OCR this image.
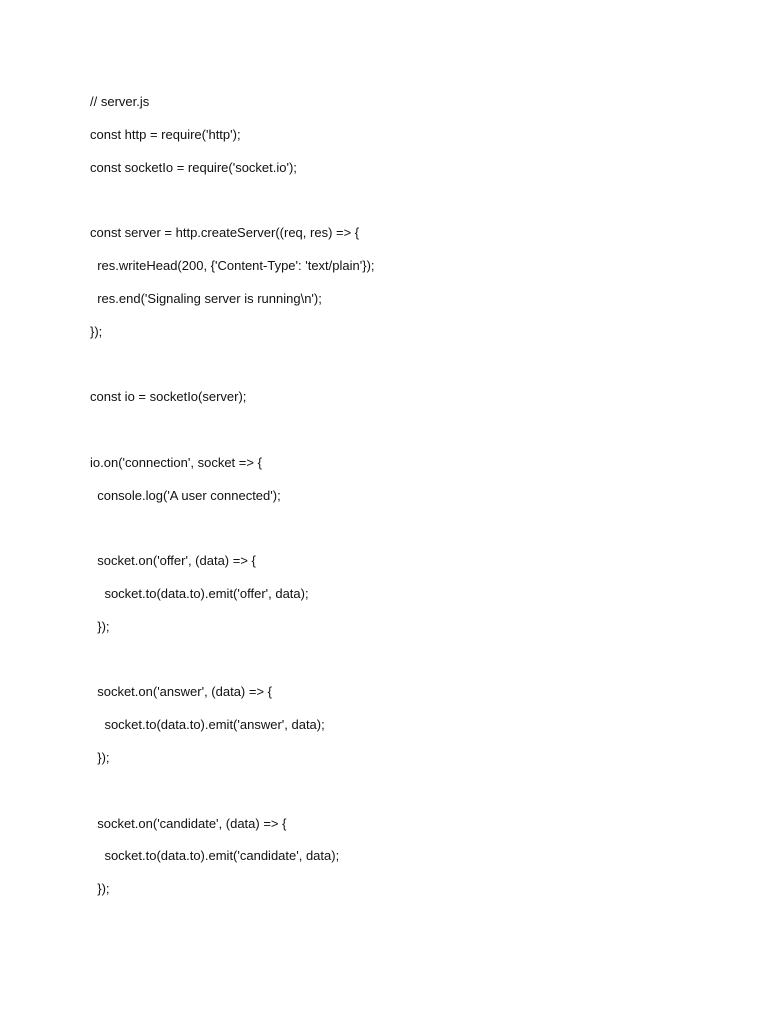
// server.js
const http = require('http');
const socketIo = require('socket.io');
const server = http.createServer((req, res) => {
res.writeHead(200, {'Content-Type': 'text/plain'});
res.end('Signaling server is running\n');
});
const io = socketIo(server);
io.on('connection', socket => {
console.log('A user connected');
socket.on('offer', (data) => {
socket.to(data.to).emit('offer', data);
});
socket.on('answer', (data) => {
socket.to(data.to).emit('answer', data);
});
socket.on('candidate', (data) => {
socket.to(data.to).emit('candidate', data);
});
